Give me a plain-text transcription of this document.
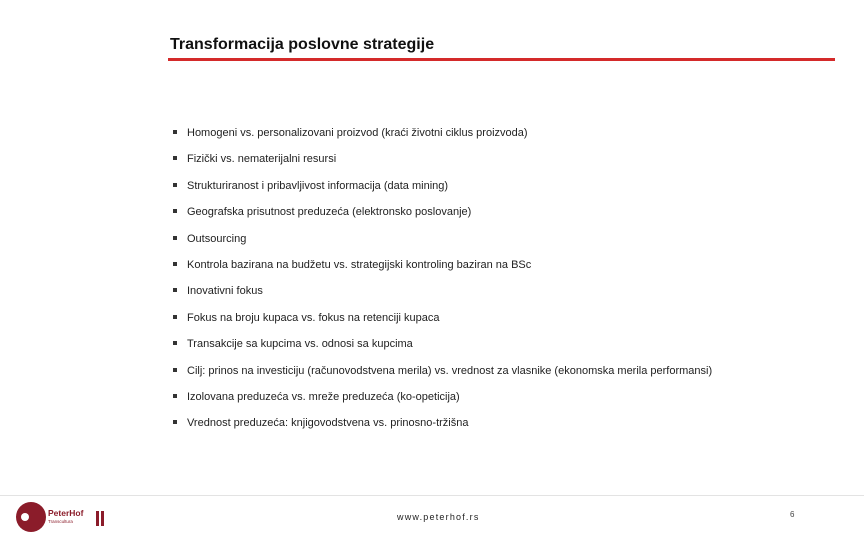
Transformacija poslovne strategije
Homogeni vs. personalizovani proizvod (kraći životni ciklus proizvoda)
Fizički vs. nematerijalni resursi
Strukturiranost i pribavljivost informacija (data mining)
Geografska prisutnost preduzeća (elektronsko poslovanje)
Outsourcing
Kontrola bazirana na budžetu vs. strategijski kontroling baziran na BSc
Inovativni fokus
Fokus na broju kupaca vs. fokus na retenciji kupaca
Transakcije sa kupcima vs. odnosi sa kupcima
Cilj: prinos na investiciju (računovodstvena merila) vs. vrednost za vlasnike (ekonomska merila performansi)
Izolovana preduzeća vs. mreže preduzeća (ko-opeticija)
Vrednost preduzeća: knjigovodstvena vs. prinosno-tržišna
PeterHof
Transcultura	www.peterhof.rs	6
